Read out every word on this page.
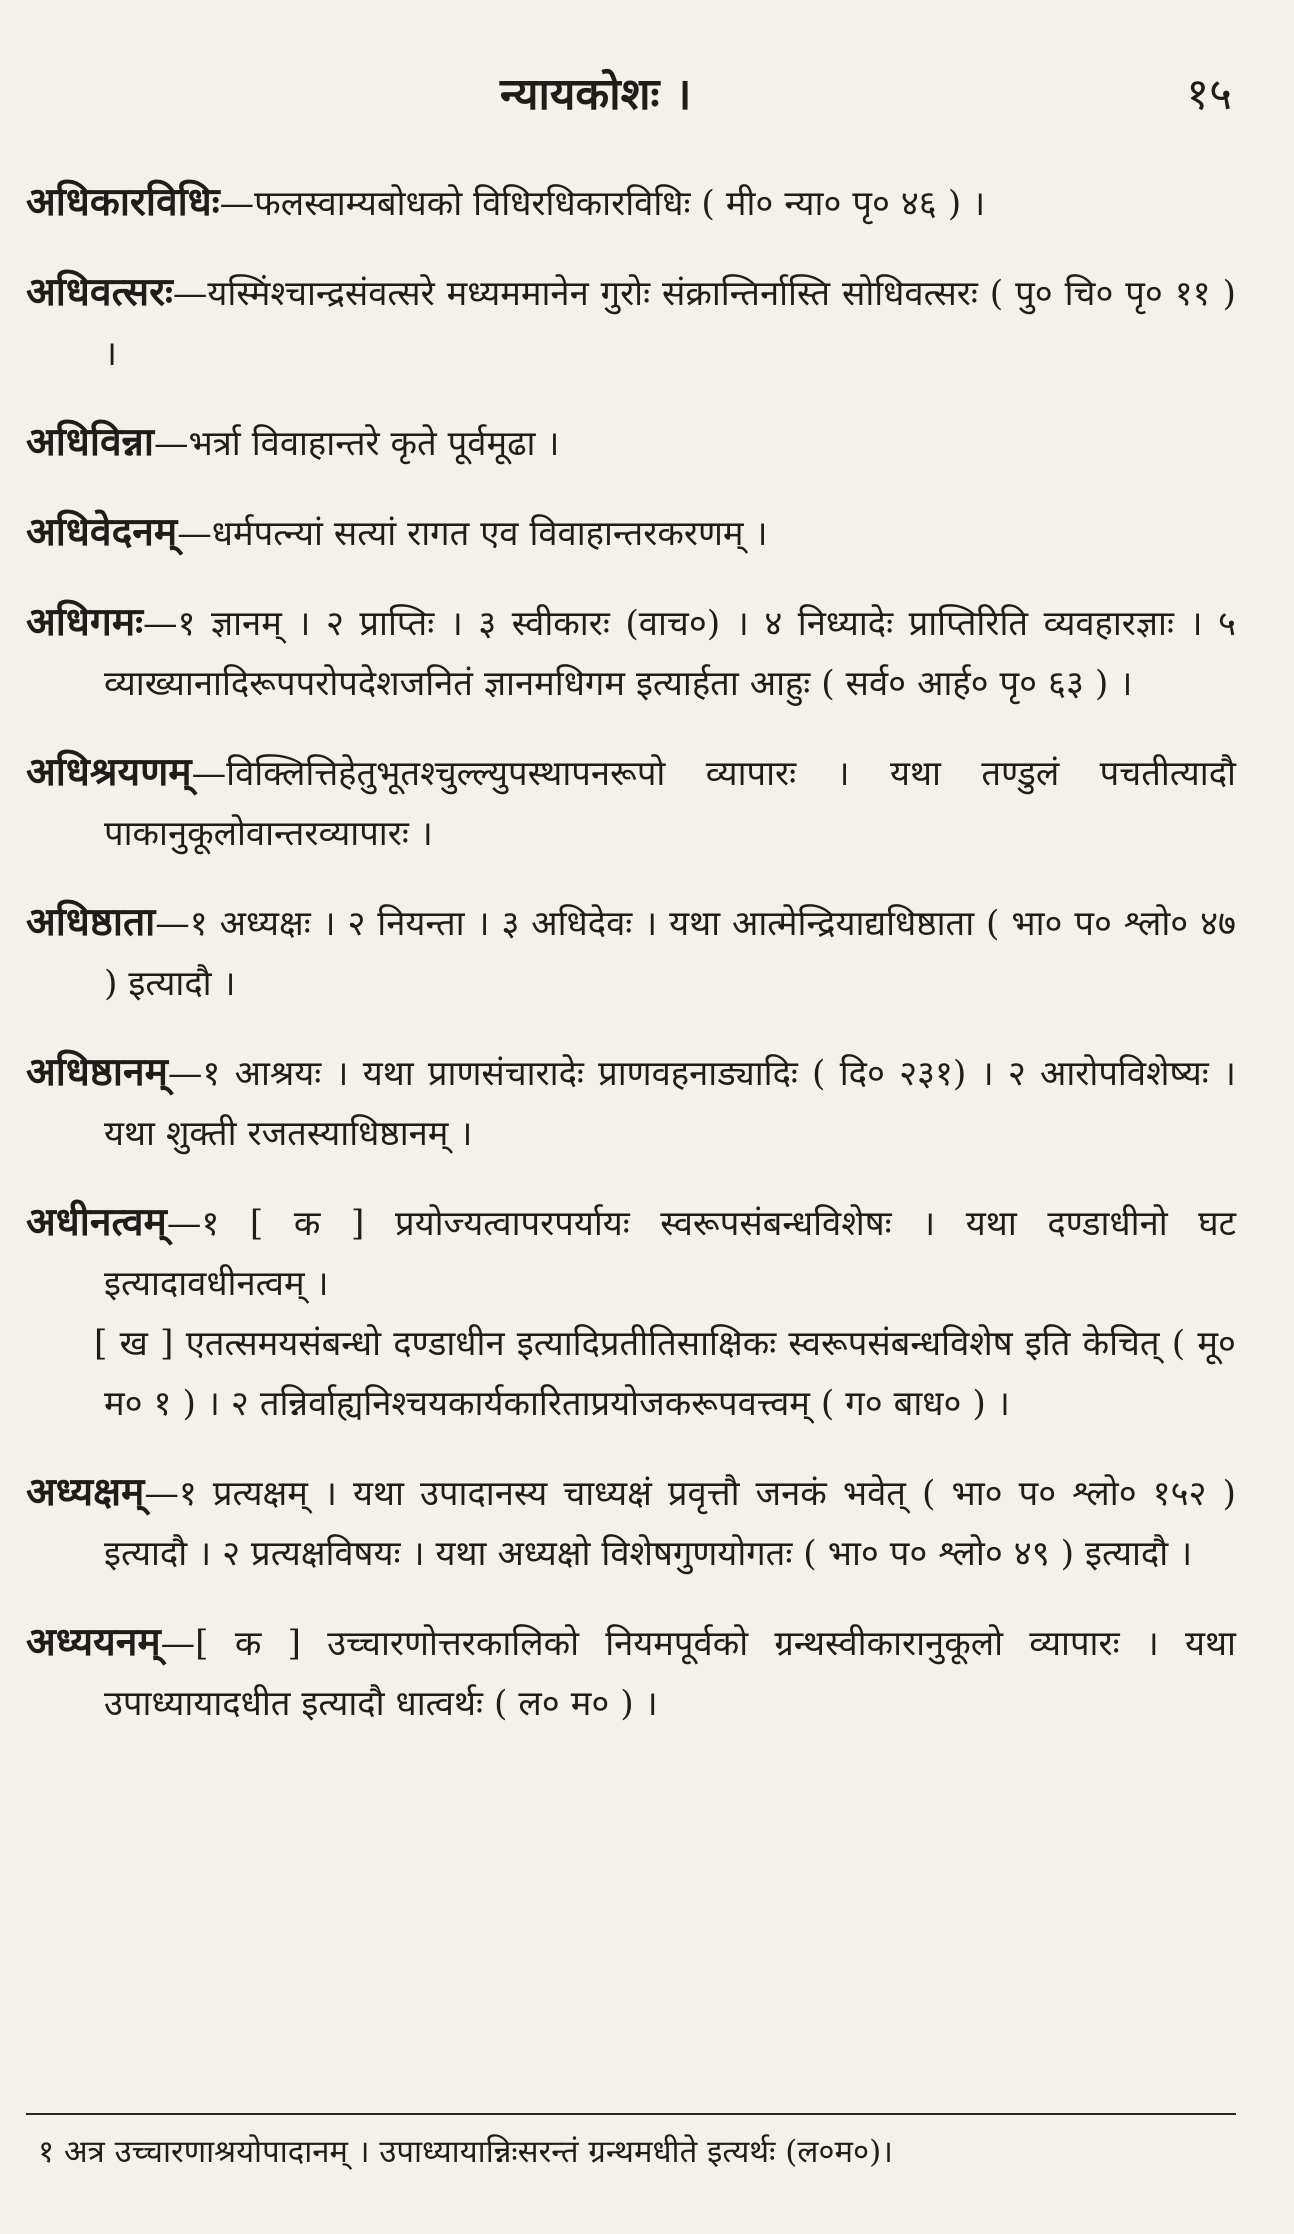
न्यायकोशः ।	१५

अधिकारविधिः—फलस्वाम्यबोधको विधिरधिकारविधिः ( मी० न्या० पृ० ४६ ) ।

अधिवत्सरः—यस्मिंश्चान्द्रसंवत्सरे मध्यममानेन गुरोः संक्रान्तिर्नास्ति सोधिवत्सरः ( पु० चि० पृ० ११ ) ।

अधिविन्ना—भर्त्रा विवाहान्तरे कृते पूर्वमूढा ।

अधिवेदनम्—धर्मपत्न्यां सत्यां रागत एव विवाहान्तरकरणम् ।

अधिगमः—१ ज्ञानम् । २ प्राप्तिः । ३ स्वीकारः (वाच०) । ४ निध्यादेः प्राप्तिरिति व्यवहारज्ञाः । ५ व्याख्यानादिरूपपरोपदेशजनितं ज्ञानमधिगम इत्यार्हता आहुः ( सर्व० आर्ह० पृ० ६३ ) ।

अधिश्रयणम्—विक्लित्तिहेतुभूतश्चुल्ल्युपस्थापनरूपो व्यापारः । यथा तण्डुलं पचतीत्यादौ पाकानुकूलोवान्तरव्यापारः ।

अधिष्ठाता—१ अध्यक्षः । २ नियन्ता । ३ अधिदेवः । यथा आत्मेन्द्रियाद्यधिष्ठाता ( भा० प० श्लो० ४७ ) इत्यादौ ।

अधिष्ठानम्—१ आश्रयः । यथा प्राणसंचारादेः प्राणवहनाड्यादिः ( दि० २३१) । २ आरोपविशेष्यः । यथा शुक्ती रजतस्याधिष्ठानम् ।

अधीनत्वम्—१ [ क ] प्रयोज्यत्वापरपर्यायः स्वरूपसंबन्धविशेषः । यथा दण्डाधीनो घट इत्यादावधीनत्वम् ।

[ ख ] एतत्समयसंबन्धो दण्डाधीन इत्यादिप्रतीतिसाक्षिकः स्वरूपसंबन्धविशेष इति केचित् ( मू० म० १ ) । २ तन्निर्वाह्यनिश्चयकार्यकारिताप्रयोजकरूपवत्त्वम् ( ग० बाध० ) ।

अध्यक्षम्—१ प्रत्यक्षम् । यथा उपादानस्य चाध्यक्षं प्रवृत्तौ जनकं भवेत् ( भा० प० श्लो० १५२ ) इत्यादौ । २ प्रत्यक्षविषयः । यथा अध्यक्षो विशेषगुणयोगतः ( भा० प० श्लो० ४९ ) इत्यादौ ।

अध्ययनम्—[ क ] उच्चारणोत्तरकालिको नियमपूर्वको ग्रन्थस्वीकारानुकूलो व्यापारः । यथा उपाध्यायादधीत इत्यादौ धात्वर्थः ( ल० म० ) ।

१ अत्र उच्चारणाश्रयोपादानम् । उपाध्यायान्निःसरन्तं ग्रन्थमधीते इत्यर्थः (ल०म०)।
